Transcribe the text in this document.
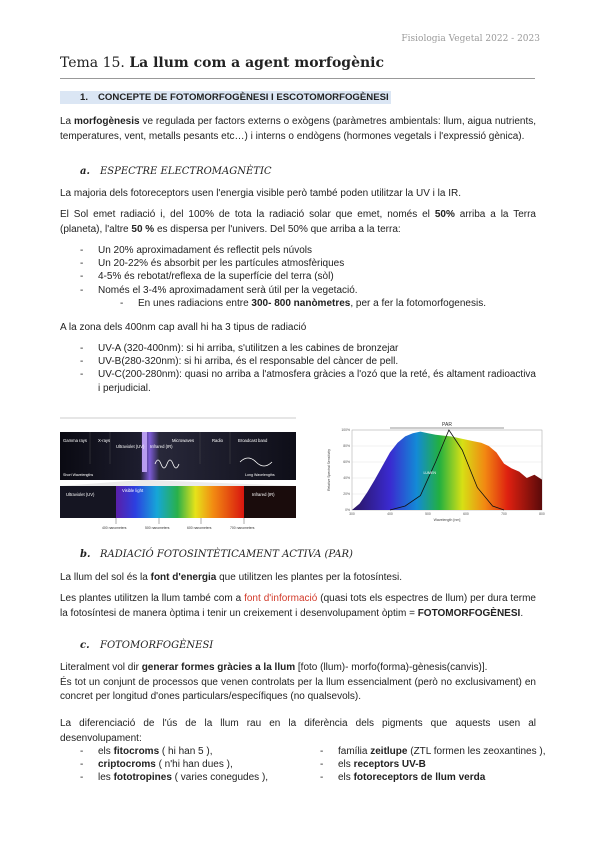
Fisiologia Vegetal 2022 - 2023
Tema 15. La llum com a agent morfogènic
1. CONCEPTE DE FOTOMORFOGÈNESI I ESCOTOMORFOGÈNESI
La morfogènesis ve regulada per factors externs o exògens (paràmetres ambientals: llum, aigua nutrients, temperatures, vent, metalls pesants etc…) i interns o endògens (hormones vegetals i l'expressió gènica).
a. ESPECTRE ELECTROMAGNÈTIC
La majoria dels fotoreceptors usen l'energia visible però també poden utilitzar la UV i la IR.
El Sol emet radiació i, del 100% de tota la radiació solar que emet, només el 50% arriba a la Terra (planeta), l'altre 50 % es dispersa per l'univers. Del 50% que arriba a la terra:
- Un 20% aproximadament és reflectit pels núvols
- Un 20-22% és absorbit per les partícules atmosfèriques
- 4-5% és rebotat/reflexa de la superfície del terra (sòl)
- Només el 3-4% aproximadament serà útil per la vegetació.
- En unes radiacions entre 300- 800 nanòmetres, per a fer la fotomorfogenesis.
A la zona dels 400nm cap avall hi ha 3 tipus de radiació
- UV-A (320-400nm): si hi arriba, s'utilitzen a les cabines de bronzejar
- UV-B(280-320nm): si hi arriba, és el responsable del càncer de pell.
- UV-C(200-280nm): quasi no arriba a l'atmosfera gràcies a l'ozó que la reté, és altament radioactiva i perjudicial.
Gamma rays	X-rays
Ultraviolet (UV) Infrared (IR)
Microwaves	Radio	Broadcast band
Short Wavelengths	Long Wavelengths
Ultraviolet (UV)
Visible light
Infrared (IR)
400 nanometers	500 nanometers	600 nanometers	700 nanometers
0%
20%
40%
60%
80%
100%
300	400	500	600	700	800
PAR
LUMEN
Wavelength [nm]
Relative Spectral Sensitivity
b. RADIACIÓ FOTOSINTÈTICAMENT ACTIVA (PAR)
La llum del sol és la font d'energia que utilitzen les plantes per la fotosíntesi.
Les plantes utilitzen la llum també com a font d'informació (quasi tots els espectres de llum) per dura terme la fotosíntesi de manera òptima i tenir un creixement i desenvolupament òptim = FOTOMORFOGÈNESI.
c. FOTOMORFOGÈNESI
Literalment vol dir generar formes gràcies a la llum [foto (llum)- morfo(forma)-gènesis(canvis)].
És tot un conjunt de processos que venen controlats per la llum essencialment (però no exclusivament) en concret per longitud d'ones particulars/específiques (no qualsevols).
La diferenciació de l'ús de la llum rau en la diferència dels pigments que aquests usen al desenvolupament:
- els fitocroms ( hi han 5 ),
- criptocroms ( n'hi han dues ),
- les fototropines ( varies conegudes ),
- família zeitlupe (ZTL formen les zeoxantines ),
- els receptors UV-B
- els fotoreceptors de llum verda
